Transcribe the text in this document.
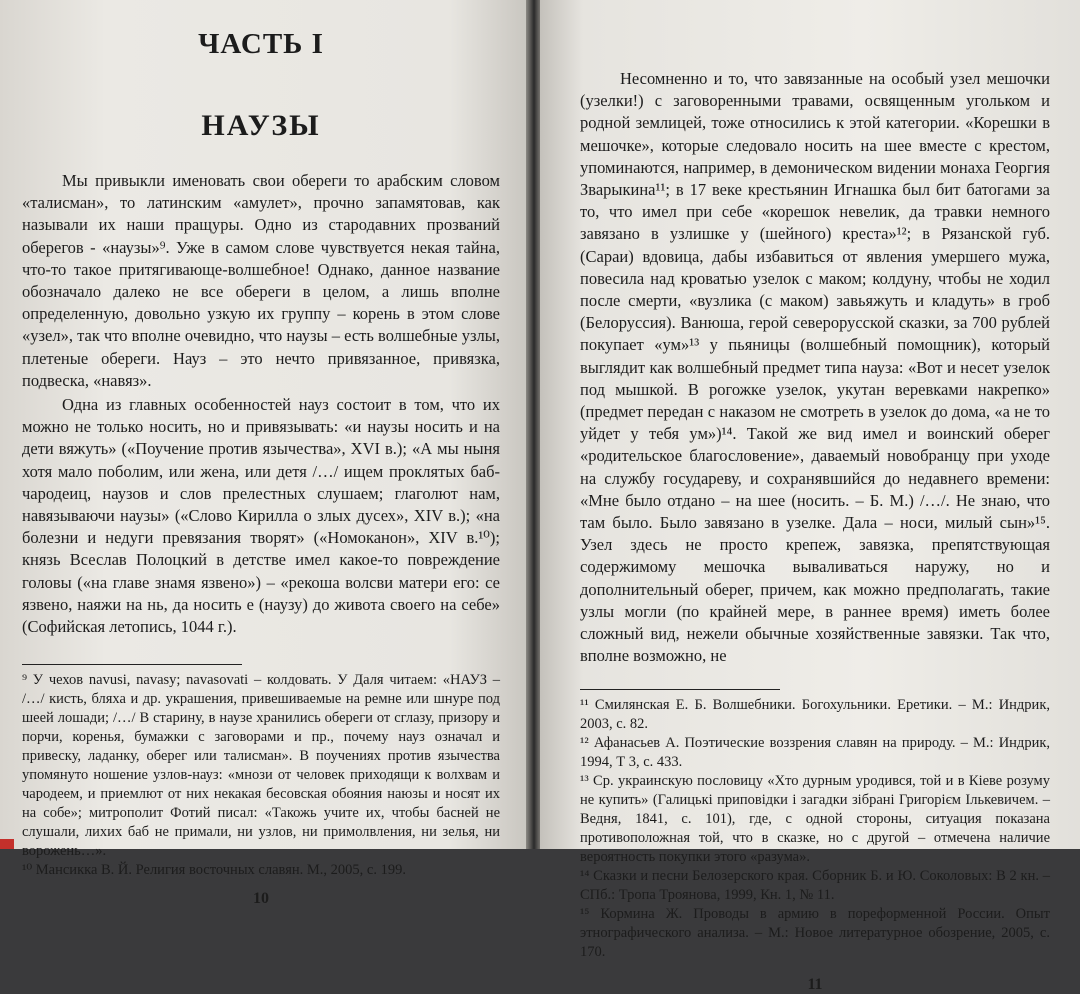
ЧАСТЬ I
НАУЗЫ

Мы привыкли именовать свои обереги то арабским словом «талисман», то латинским «амулет», прочно запамятовав, как называли их наши пращуры. Одно из стародавних прозваний оберегов - «наузы»⁹. Уже в самом слове чувствуется некая тайна, что-то такое притягивающе-волшебное! Однако, данное название обозначало далеко не все обереги в целом, а лишь вполне определенную, довольно узкую их группу – корень в этом слове «узел», так что вполне очевидно, что наузы – есть волшебные узлы, плетеные обереги. Науз – это нечто привязанное, привязка, подвеска, «навяз».

Одна из главных особенностей науз состоит в том, что их можно не только носить, но и привязывать: «и наузы носить и на дети вяжуть» («Поучение против язычества», XVI в.); «А мы ныня хотя мало поболим, или жена, или детя /…/ ищем проклятых баб-чародеиц, наузов и слов прелестных слушаем; глаголют нам, навязываючи наузы» («Слово Кирилла о злых дусех», XIV в.); «на болезни и недуги превязания творят» («Номоканон», XIV в.¹⁰); князь Всеслав Полоцкий в детстве имел какое-то повреждение головы («на главе знамя язвено») – «рекоша волсви матери его: се язвено, наяжи на нь, да носить е (наузу) до живота своего на себе» (Софийская летопись, 1044 г.).

⁹ У чехов navusi, navasy; navasovati – колдовать. У Даля читаем: «НАУЗ – /…/ кисть, бляха и др. украшения, привешиваемые на ремне или шнуре под шеей лошади; /…/ В старину, в наузе хранились обереги от сглазу, призору и порчи, коренья, бумажки с заговорами и пр., почему науз означал и привеску, ладанку, оберег или талисман». В поучениях против язычества упомянуто ношение узлов-науз: «мнози от человек приходящи к волхвам и чародеем, и приемлют от них некакая бесовская обояния наюзы и носят их на собе»; митрополит Фотий писал: «Такожь учите их, чтобы басней не слушали, лихих баб не примали, ни узлов, ни примолвления, ни зелья, ни ворожень…».

¹⁰ Мансикка В. Й. Религия восточных славян. М., 2005, с. 199.

10

Несомненно и то, что завязанные на особый узел мешочки (узелки!) с заговоренными травами, освященным угольком и родной землицей, тоже относились к этой категории. «Корешки в мешочке», которые следовало носить на шее вместе с крестом, упоминаются, например, в демоническом видении монаха Георгия Зварыкина¹¹; в 17 веке крестьянин Игнашка был бит батогами за то, что имел при себе «корешок невелик, да травки немного завязано в узлишке у (шейного) креста»¹²; в Рязанской губ. (Сараи) вдовица, дабы избавиться от явления умершего мужа, повесила над кроватью узелок с маком; колдуну, чтобы не ходил после смерти, «вузлика (с маком) завьяжуть и кладуть» в гроб (Белоруссия). Ванюша, герой северорусской сказки, за 700 рублей покупает «ум»¹³ у пьяницы (волшебный помощник), который выглядит как волшебный предмет типа науза: «Вот и несет узелок под мышкой. В рогожке узелок, укутан веревками накрепко» (предмет передан с наказом не смотреть в узелок до дома, «а не то уйдет у тебя ум»)¹⁴. Такой же вид имел и воинский оберег «родительское благословение», даваемый новобранцу при уходе на службу государеву, и сохранявшийся до недавнего времени: «Мне было отдано – на шее (носить. – Б. М.) /…/. Не знаю, что там было. Было завязано в узелке. Дала – носи, милый сын»¹⁵. Узел здесь не просто крепеж, завязка, препятствующая содержимому мешочка вываливаться наружу, но и дополнительный оберег, причем, как можно предполагать, такие узлы могли (по крайней мере, в раннее время) иметь более сложный вид, нежели обычные хозяйственные завязки. Так что, вполне возможно, не

¹¹ Смилянская Е. Б. Волшебники. Богохульники. Еретики. – М.: Индрик, 2003, с. 82.

¹² Афанасьев А. Поэтические воззрения славян на природу. – М.: Индрик, 1994, Т 3, с. 433.

¹³ Ср. украинскую пословицу «Хто дурным уродився, той и в Кіеве розуму не купить» (Галицькі приповідки і загадки зібрані Григорієм Ількевичем. – Ведня, 1841, с. 101), где, с одной стороны, ситуация показана противоположная той, что в сказке, но с другой – отмечена наличие вероятность покупки этого «разума».

¹⁴ Сказки и песни Белозерского края. Сборник Б. и Ю. Соколовых: В 2 кн. – СПб.: Тропа Троянова, 1999, Кн. 1, № 11.

¹⁵ Кормина Ж. Проводы в армию в пореформенной России. Опыт этнографического анализа. – М.: Новое литературное обозрение, 2005, с. 170.

11
